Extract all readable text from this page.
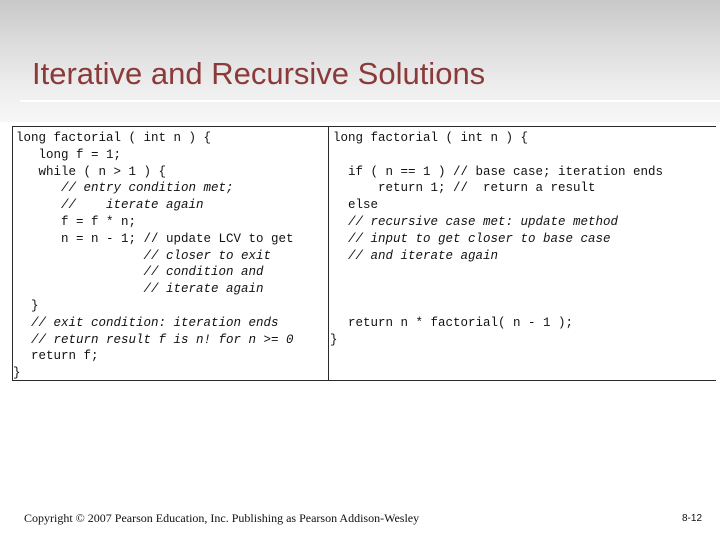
Iterative and Recursive Solutions
long factorial ( int n ) {
long f = 1;
while ( n > 1 ) {
// entry condition met;
//    iterate again
f = f * n;
n = n - 1; // update LCV to get
// closer to exit
// condition and
// iterate again
}
// exit condition: iteration ends
// return result f is n! for n >= 0
return f;
}
long factorial ( int n ) {
if ( n == 1 ) // base case; iteration ends
return 1; //  return a result
else
// recursive case met: update method
// input to get closer to base case
// and iterate again
return n * factorial( n - 1 );
}
Copyright © 2007 Pearson Education, Inc. Publishing as Pearson Addison-Wesley	8-12
